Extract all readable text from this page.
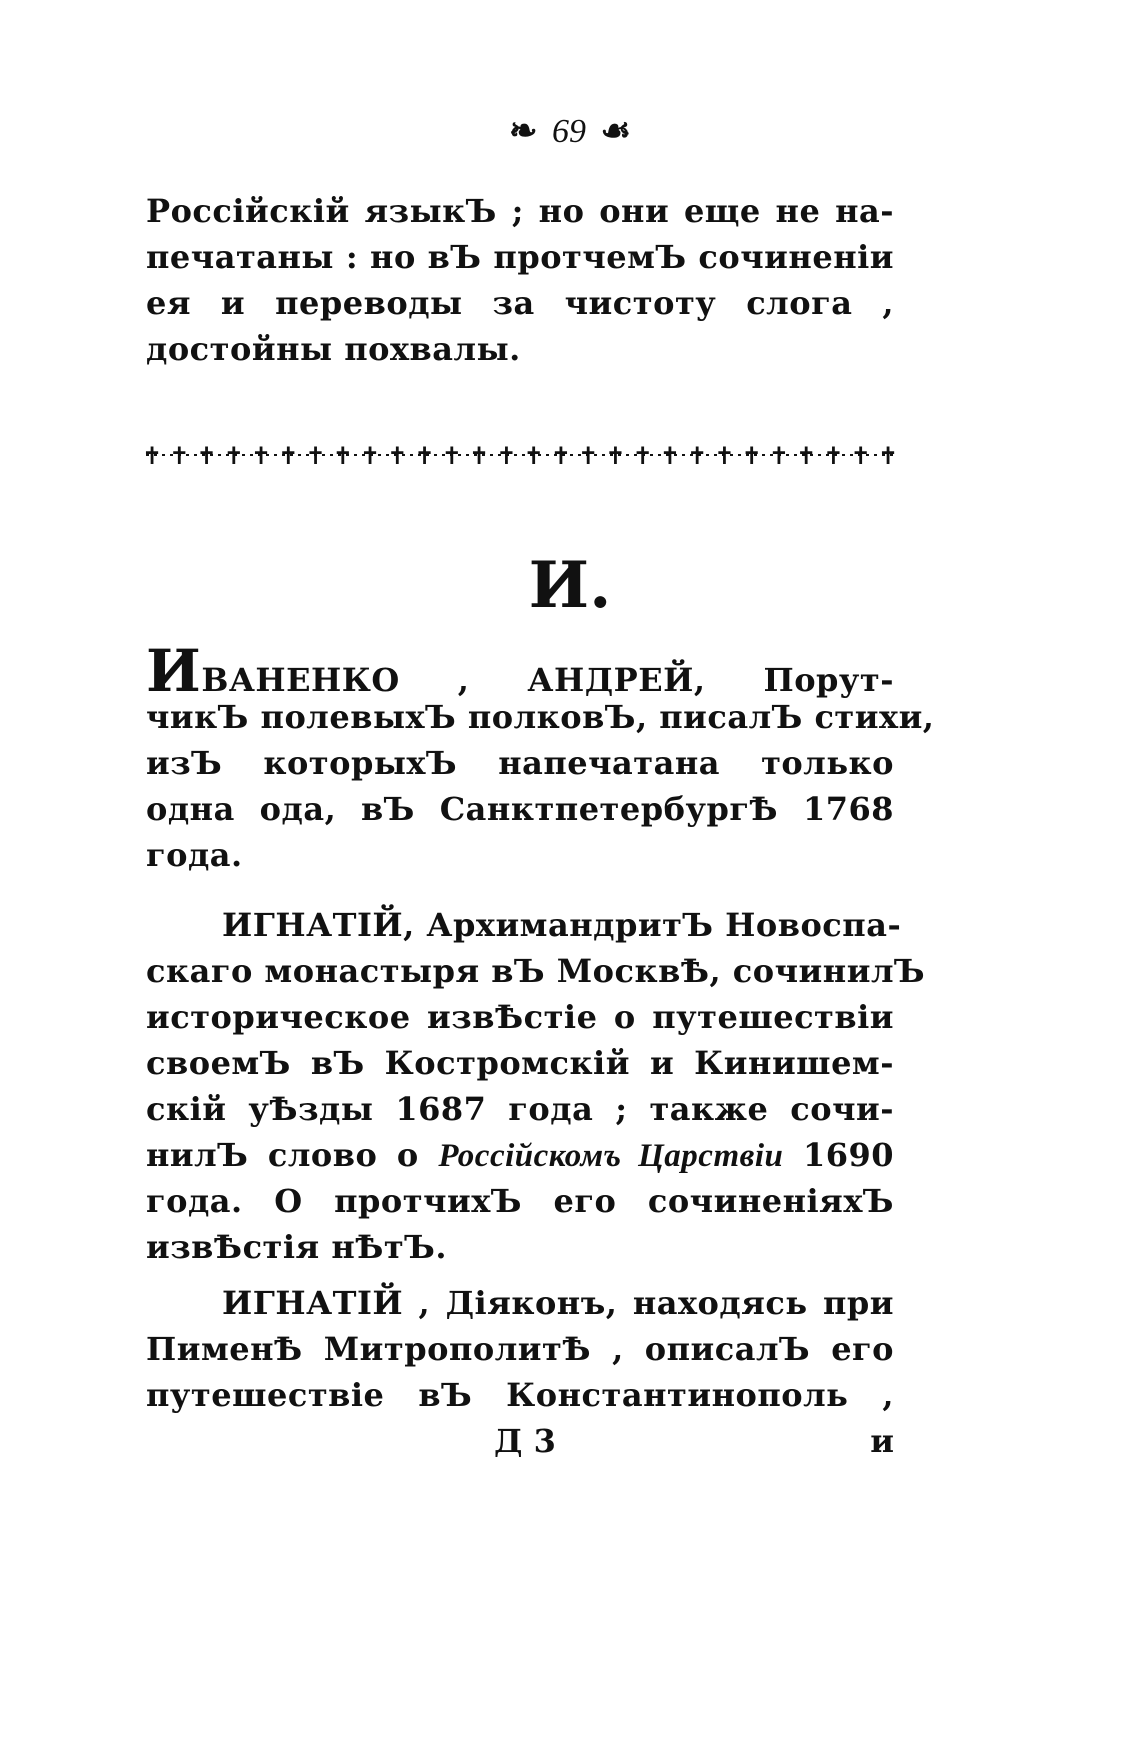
❧ 69 ☙
Россійскій языкЪ ; но они еще не на-
печатаны : но вЪ протчемЪ сочиненіи
ея и переводы за чистоту слога ,
достойны похвалы.
✝ ✝ ✝ ✝ ✝ ✝ ✝ ✝ ✝ ✝ ✝ ✝ ✝ ✝ ✝ ✝ ✝ ✝ ✝ ✝ ✝ ✝ ✝ ✝ ✝ ✝ ✝ ✝
И.
ИВАНЕНКО , АНДРЕЙ, Порут-
чикЪ полевыхЪ полковЪ, писалЪ стихи,
изЪ которыхЪ напечатана только
одна ода, вЪ СанктпетербургѢ 1768
года.
ИГНАТІЙ, АрхимандритЪ Новоспа-
скаго монастыря вЪ МосквѢ, сочинилЪ
историческое извѢстіе о путешествіи
своемЪ вЪ Костромскій и Кинишем-
скій уѢзды 1687 года ; также сочи-
нилЪ слово о Россійскомъ Царствіи 1690
года. О протчихЪ его сочиненіяхЪ
извѢстія нѢтЪ.
ИГНАТІЙ , Діяконъ, находясь при
ПименѢ МитрополитѢ , описалЪ его
путешествіе вЪ Константинополь ,
Д 3	и
